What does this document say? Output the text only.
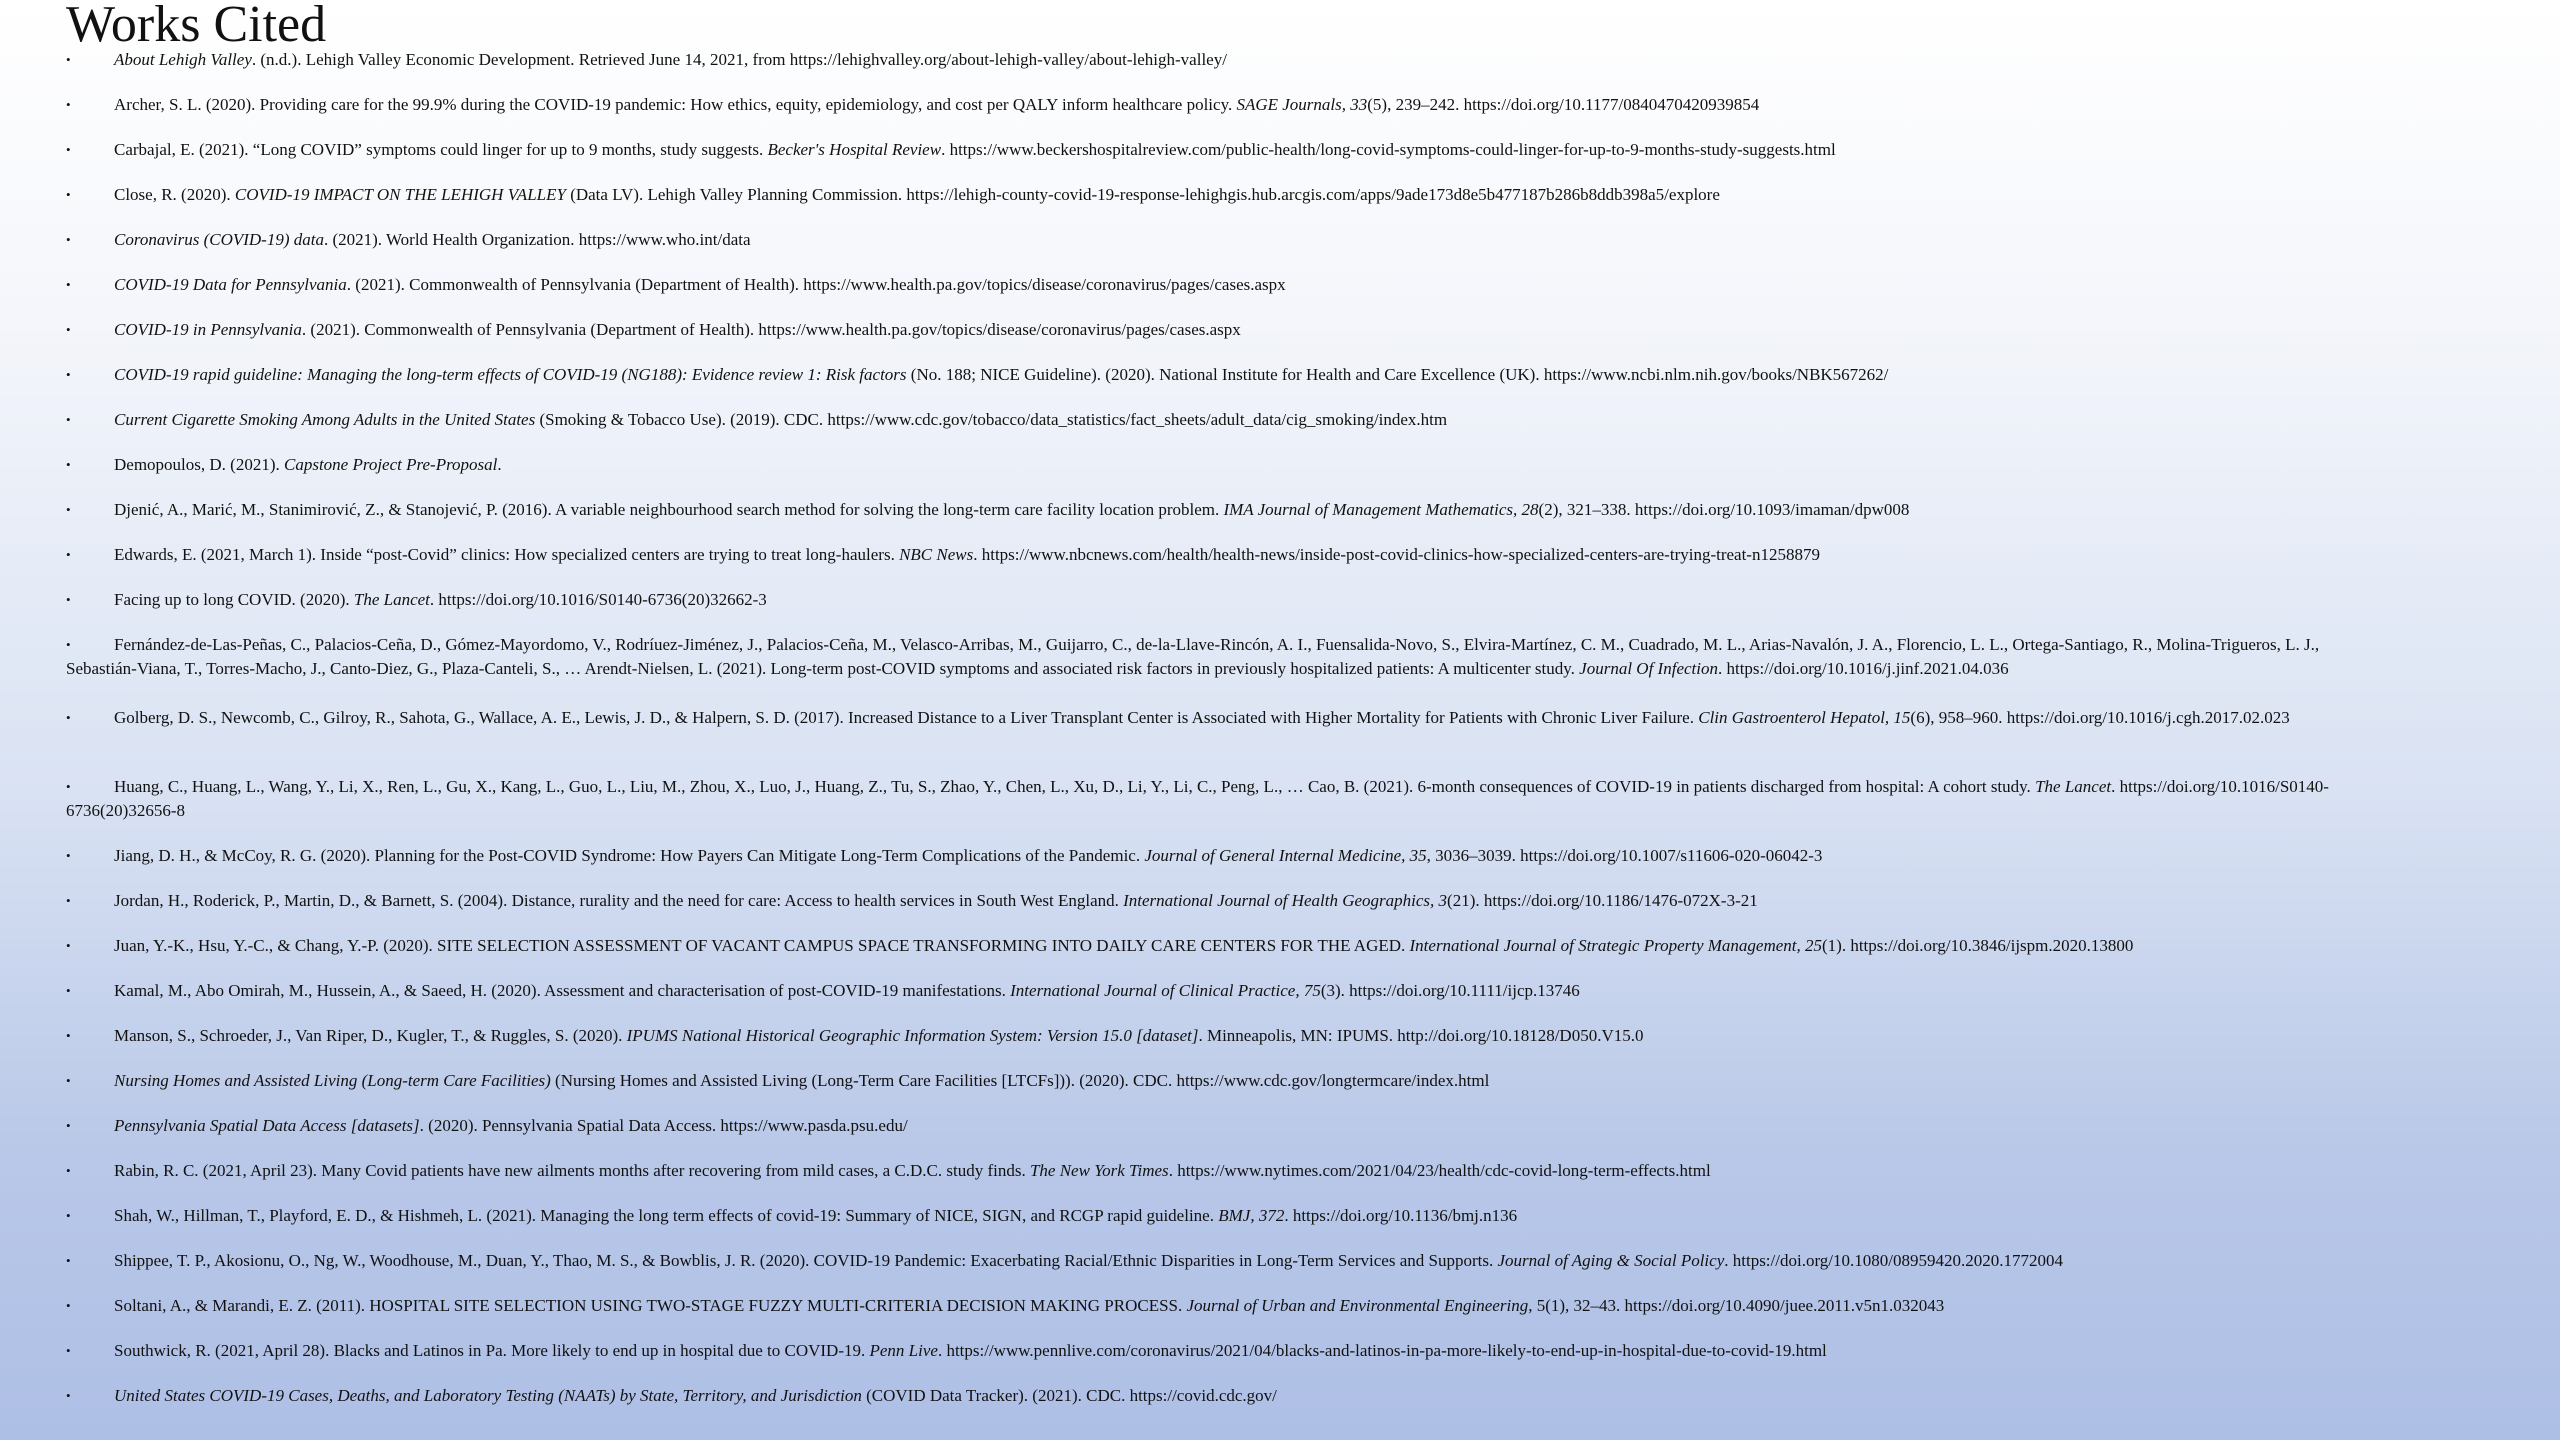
Works Cited
•	About Lehigh Valley. (n.d.). Lehigh Valley Economic Development. Retrieved June 14, 2021, from https://lehighvalley.org/about-lehigh-valley/about-lehigh-valley/
•	Archer, S. L. (2020). Providing care for the 99.9% during the COVID-19 pandemic: How ethics, equity, epidemiology, and cost per QALY inform healthcare policy. SAGE Journals, 33(5), 239–242. https://doi.org/10.1177/0840470420939854
•	Carbajal, E. (2021). “Long COVID” symptoms could linger for up to 9 months, study suggests. Becker's Hospital Review. https://www.beckershospitalreview.com/public-health/long-covid-symptoms-could-linger-for-up-to-9-months-study-suggests.html
•	Close, R. (2020). COVID-19 IMPACT ON THE LEHIGH VALLEY (Data LV). Lehigh Valley Planning Commission. https://lehigh-county-covid-19-response-lehighgis.hub.arcgis.com/apps/9ade173d8e5b477187b286b8ddb398a5/explore
•	Coronavirus (COVID-19) data. (2021). World Health Organization. https://www.who.int/data
•	COVID-19 Data for Pennsylvania. (2021). Commonwealth of Pennsylvania (Department of Health). https://www.health.pa.gov/topics/disease/coronavirus/pages/cases.aspx
•	COVID-19 in Pennsylvania. (2021). Commonwealth of Pennsylvania (Department of Health). https://www.health.pa.gov/topics/disease/coronavirus/pages/cases.aspx
•	COVID-19 rapid guideline: Managing the long-term effects of COVID-19 (NG188): Evidence review 1: Risk factors (No. 188; NICE Guideline). (2020). National Institute for Health and Care Excellence (UK). https://www.ncbi.nlm.nih.gov/books/NBK567262/
•	Current Cigarette Smoking Among Adults in the United States (Smoking & Tobacco Use). (2019). CDC. https://www.cdc.gov/tobacco/data_statistics/fact_sheets/adult_data/cig_smoking/index.htm
•	Demopoulos, D. (2021). Capstone Project Pre-Proposal.
•	Djenić, A., Marić, M., Stanimirović, Z., & Stanojević, P. (2016). A variable neighbourhood search method for solving the long-term care facility location problem. IMA Journal of Management Mathematics, 28(2), 321–338. https://doi.org/10.1093/imaman/dpw008
•	Edwards, E. (2021, March 1). Inside “post-Covid” clinics: How specialized centers are trying to treat long-haulers. NBC News. https://www.nbcnews.com/health/health-news/inside-post-covid-clinics-how-specialized-centers-are-trying-treat-n1258879
•	Facing up to long COVID. (2020). The Lancet. https://doi.org/10.1016/S0140-6736(20)32662-3
•	Fernández-de-Las-Peñas, C., Palacios-Ceña, D., Gómez-Mayordomo, V., Rodríuez-Jiménez, J., Palacios-Ceña, M., Velasco-Arribas, M., Guijarro, C., de-la-Llave-Rincón, A. I., Fuensalida-Novo, S., Elvira-Martínez, C. M., Cuadrado, M. L., Arias-Navalón, J. A., Florencio, L. L., Ortega-Santiago, R., Molina-Trigueros, L. J., Sebastián-Viana, T., Torres-Macho, J., Canto-Diez, G., Plaza-Canteli, S., … Arendt-Nielsen, L. (2021). Long-term post-COVID symptoms and associated risk factors in previously hospitalized patients: A multicenter study. Journal Of Infection. https://doi.org/10.1016/j.jinf.2021.04.036
•	Golberg, D. S., Newcomb, C., Gilroy, R., Sahota, G., Wallace, A. E., Lewis, J. D., & Halpern, S. D. (2017). Increased Distance to a Liver Transplant Center is Associated with Higher Mortality for Patients with Chronic Liver Failure. Clin Gastroenterol Hepatol, 15(6), 958–960. https://doi.org/10.1016/j.cgh.2017.02.023
•	Huang, C., Huang, L., Wang, Y., Li, X., Ren, L., Gu, X., Kang, L., Guo, L., Liu, M., Zhou, X., Luo, J., Huang, Z., Tu, S., Zhao, Y., Chen, L., Xu, D., Li, Y., Li, C., Peng, L., … Cao, B. (2021). 6-month consequences of COVID-19 in patients discharged from hospital: A cohort study. The Lancet. https://doi.org/10.1016/S0140-6736(20)32656-8
•	Jiang, D. H., & McCoy, R. G. (2020). Planning for the Post-COVID Syndrome: How Payers Can Mitigate Long-Term Complications of the Pandemic. Journal of General Internal Medicine, 35, 3036–3039. https://doi.org/10.1007/s11606-020-06042-3
•	Jordan, H., Roderick, P., Martin, D., & Barnett, S. (2004). Distance, rurality and the need for care: Access to health services in South West England. International Journal of Health Geographics, 3(21). https://doi.org/10.1186/1476-072X-3-21
•	Juan, Y.-K., Hsu, Y.-C., & Chang, Y.-P. (2020). SITE SELECTION ASSESSMENT OF VACANT CAMPUS SPACE TRANSFORMING INTO DAILY CARE CENTERS FOR THE AGED. International Journal of Strategic Property Management, 25(1). https://doi.org/10.3846/ijspm.2020.13800
•	Kamal, M., Abo Omirah, M., Hussein, A., & Saeed, H. (2020). Assessment and characterisation of post-COVID-19 manifestations. International Journal of Clinical Practice, 75(3). https://doi.org/10.1111/ijcp.13746
•	Manson, S., Schroeder, J., Van Riper, D., Kugler, T., & Ruggles, S. (2020). IPUMS National Historical Geographic Information System: Version 15.0 [dataset]. Minneapolis, MN: IPUMS. http://doi.org/10.18128/D050.V15.0
•	Nursing Homes and Assisted Living (Long-term Care Facilities) (Nursing Homes and Assisted Living (Long-Term Care Facilities [LTCFs])). (2020). CDC. https://www.cdc.gov/longtermcare/index.html
•	Pennsylvania Spatial Data Access [datasets]. (2020). Pennsylvania Spatial Data Access. https://www.pasda.psu.edu/
•	Rabin, R. C. (2021, April 23). Many Covid patients have new ailments months after recovering from mild cases, a C.D.C. study finds. The New York Times. https://www.nytimes.com/2021/04/23/health/cdc-covid-long-term-effects.html
•	Shah, W., Hillman, T., Playford, E. D., & Hishmeh, L. (2021). Managing the long term effects of covid-19: Summary of NICE, SIGN, and RCGP rapid guideline. BMJ, 372. https://doi.org/10.1136/bmj.n136
•	Shippee, T. P., Akosionu, O., Ng, W., Woodhouse, M., Duan, Y., Thao, M. S., & Bowblis, J. R. (2020). COVID-19 Pandemic: Exacerbating Racial/Ethnic Disparities in Long-Term Services and Supports. Journal of Aging & Social Policy. https://doi.org/10.1080/08959420.2020.1772004
•	Soltani, A., & Marandi, E. Z. (2011). HOSPITAL SITE SELECTION USING TWO-STAGE FUZZY MULTI-CRITERIA DECISION MAKING PROCESS. Journal of Urban and Environmental Engineering, 5(1), 32–43. https://doi.org/10.4090/juee.2011.v5n1.032043
•	Southwick, R. (2021, April 28). Blacks and Latinos in Pa. More likely to end up in hospital due to COVID-19. Penn Live. https://www.pennlive.com/coronavirus/2021/04/blacks-and-latinos-in-pa-more-likely-to-end-up-in-hospital-due-to-covid-19.html
•	United States COVID-19 Cases, Deaths, and Laboratory Testing (NAATs) by State, Territory, and Jurisdiction (COVID Data Tracker). (2021). CDC. https://covid.cdc.gov/
